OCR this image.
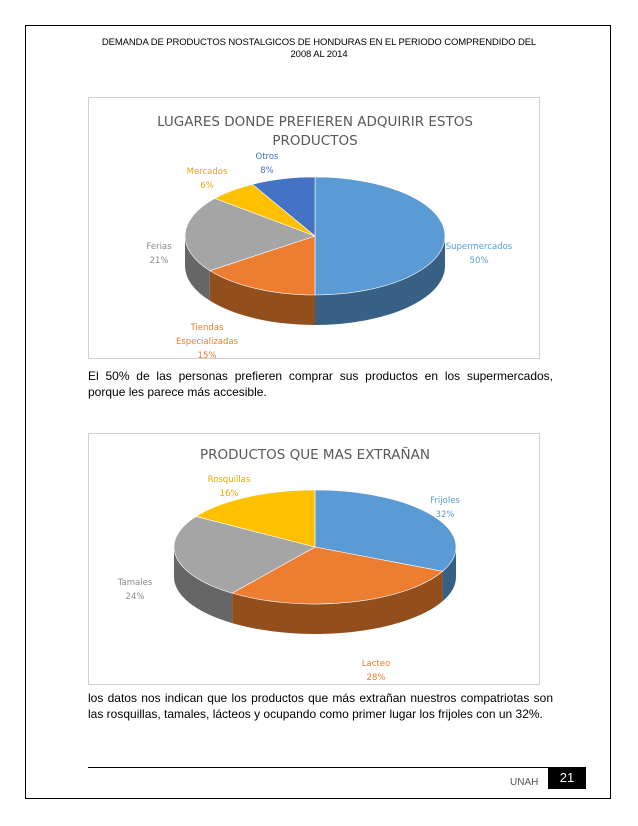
DEMANDA DE PRODUCTOS NOSTALGICOS DE HONDURAS EN EL PERIODO COMPRENDIDO DEL
2008 AL 2014
LUGARES DONDE PREFIEREN ADQUIRIR ESTOS
PRODUCTOS
Supermercados
50%
Tiendas
Especializadas
15%
Ferias
21%
Mercados
6%
Otros
8%
El 50% de las personas prefieren comprar sus productos en los supermercados, porque les parece más accesible.
PRODUCTOS QUE MAS EXTRAÑAN
Frijoles
32%
Lacteo
28%
Tamales
24%
Rosquillas
16%
los datos nos indican que los productos que más extrañan nuestros compatriotas son las rosquillas, tamales, lácteos y ocupando como primer lugar los frijoles con un 32%.
UNAH	21
